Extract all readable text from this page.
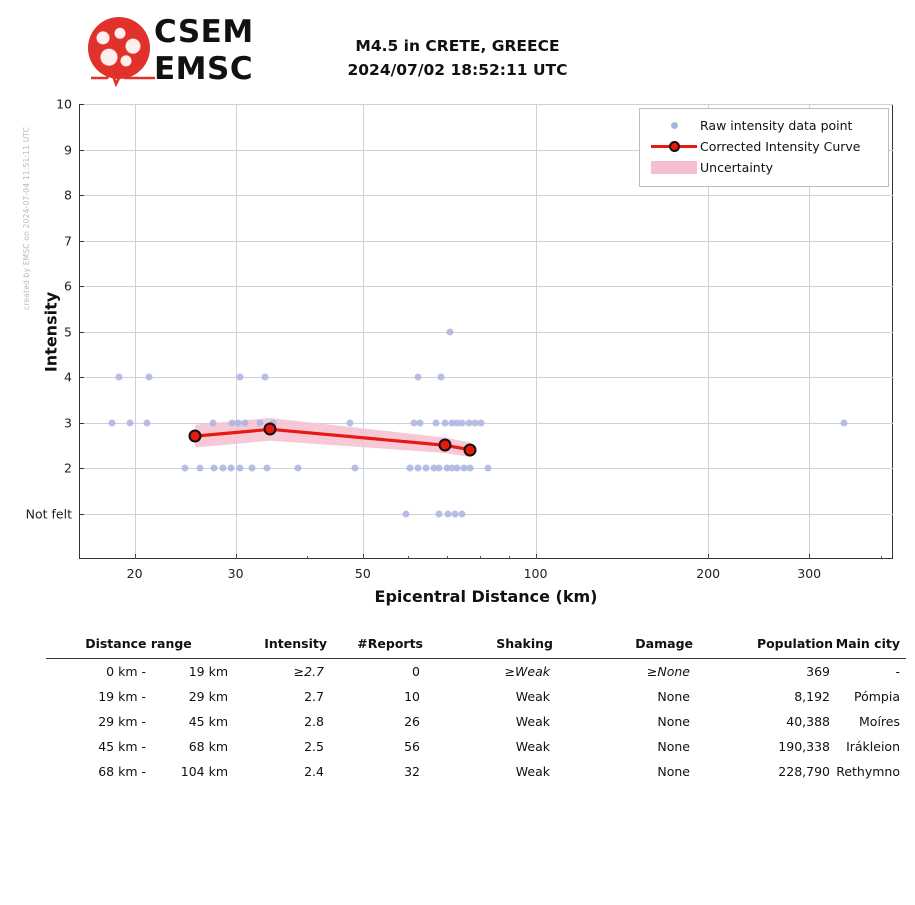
created by EMSC on 2024-07-04 11:51:11 UTC
CSEM
EMSC
M4.5 in CRETE, GREECE
2024/07/02 18:52:11 UTC
Not felt
2
3
4
5
6
7
8
9
10
20	30	50	100	200	300
Intensity
Epicentral Distance (km)
Raw intensity data point
Corrected Intensity Curve
Uncertainty
Distance range	Intensity	#Reports	Shaking	Damage	Population	Main city
0 km -	19 km	≥2.7	0	≥Weak	≥None	369	-
19 km -	29 km	2.7	10	Weak	None	8,192	Pómpia
29 km -	45 km	2.8	26	Weak	None	40,388	Moíres
45 km -	68 km	2.5	56	Weak	None	190,338	Irákleion
68 km -	104 km	2.4	32	Weak	None	228,790	Rethymno
